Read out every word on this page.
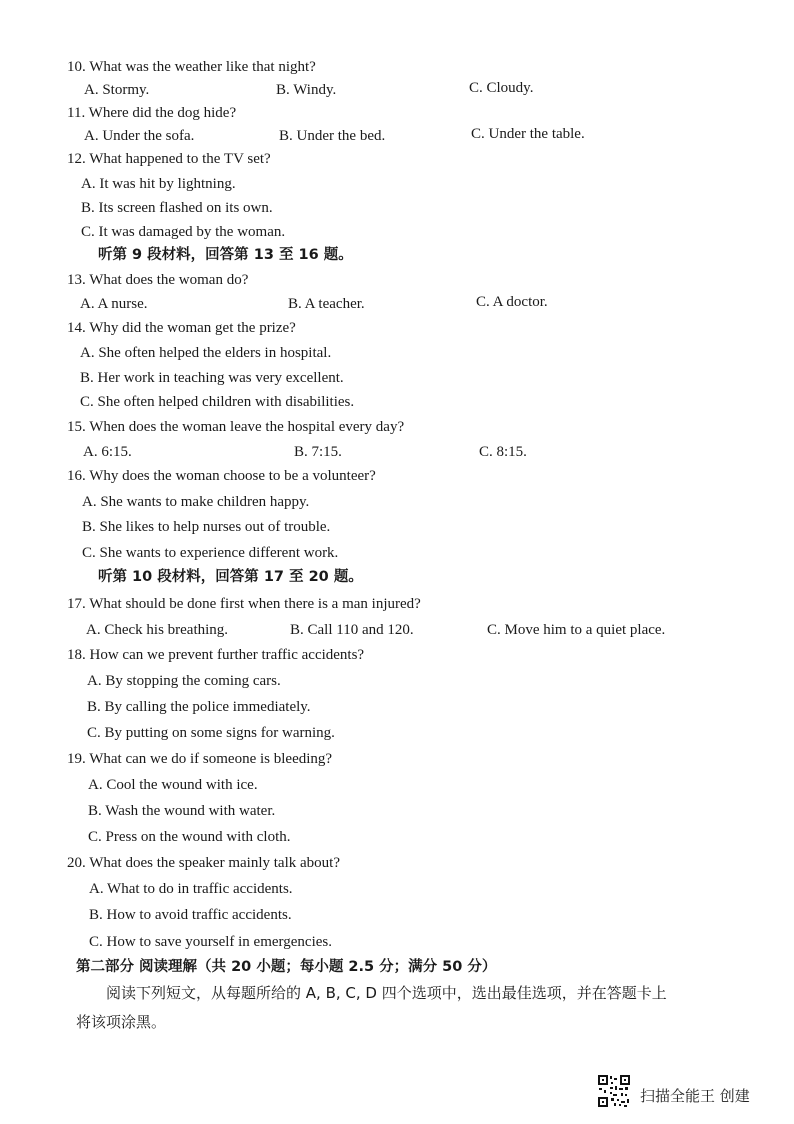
10. What was the weather like that night?
A. Stormy.	B. Windy.	C. Cloudy.
11. Where did the dog hide?
A. Under the sofa.	B. Under the bed.	C. Under the table.
12. What happened to the TV set?
A. It was hit by lightning.
B. Its screen flashed on its own.
C. It was damaged by the woman.
听第 9 段材料，回答第 13 至 16 题。
13. What does the woman do?
A. A nurse.	B. A teacher.	C. A doctor.
14. Why did the woman get the prize?
A. She often helped the elders in hospital.
B. Her work in teaching was very excellent.
C. She often helped children with disabilities.
15. When does the woman leave the hospital every day?
A. 6:15.	B. 7:15.	C. 8:15.
16. Why does the woman choose to be a volunteer?
A. She wants to make children happy.
B. She likes to help nurses out of trouble.
C. She wants to experience different work.
听第 10 段材料，回答第 17 至 20 题。
17. What should be done first when there is a man injured?
A. Check his breathing.	B. Call 110 and 120.	C. Move him to a quiet place.
18. How can we prevent further traffic accidents?
A. By stopping the coming cars.
B. By calling the police immediately.
C. By putting on some signs for warning.
19. What can we do if someone is bleeding?
A. Cool the wound with ice.
B. Wash the wound with water.
C. Press on the wound with cloth.
20. What does the speaker mainly talk about?
A. What to do in traffic accidents.
B. How to avoid traffic accidents.
C. How to save yourself in emergencies.
第二部分 阅读理解（共 20 小题；每小题 2.5 分；满分 50 分）
阅读下列短文，从每题所给的 A, B, C, D 四个选项中，选出最佳选项，并在答题卡上
将该项涂黑。
扫描全能王 创建
